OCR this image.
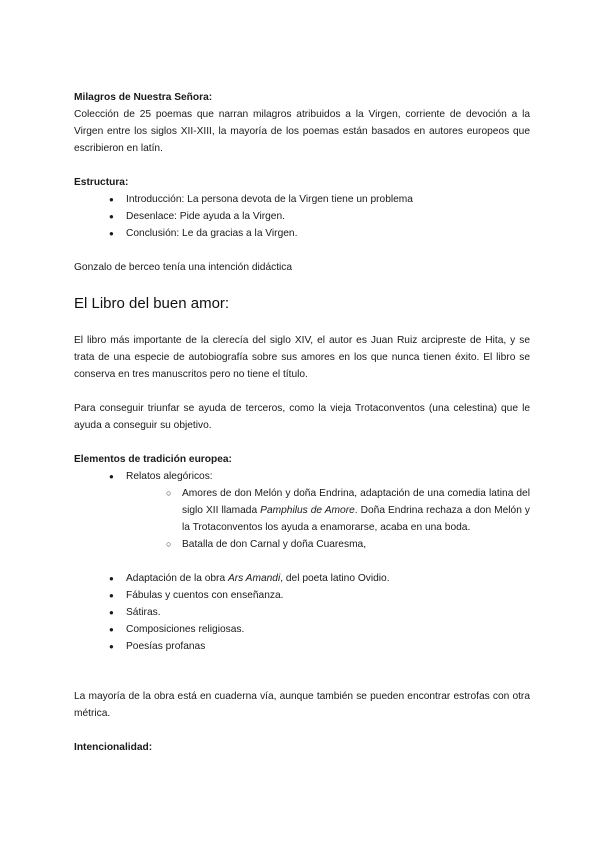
Milagros de Nuestra Señora:

Colección de 25 poemas que narran milagros atribuidos a la Virgen, corriente de devoción a la Virgen entre los siglos XII-XIII, la mayoría de los poemas están basados en autores europeos que escribieron en latín.

Estructura:

● Introducción: La persona devota de la Virgen tiene un problema
● Desenlace: Pide ayuda a la Virgen.
● Conclusión: Le da gracias a la Virgen.

Gonzalo de berceo tenía una intención didáctica

El Libro del buen amor:

El libro más importante de la clerecía del siglo XIV, el autor es Juan Ruiz arcipreste de Hita, y se trata de una especie de autobiografía sobre sus amores en los que nunca tienen éxito. El libro se conserva en tres manuscritos pero no tiene el título.

Para conseguir triunfar se ayuda de terceros, como la vieja Trotaconventos (una celestina) que le ayuda a conseguir su objetivo.

Elementos de tradición europea:

● Relatos alegóricos:
○ Amores de don Melón y doña Endrina, adaptación de una comedia latina del siglo XII llamada Pamphilus de Amore. Doña Endrina rechaza a don Melón y la Trotaconventos los ayuda a enamorarse, acaba en una boda.
○ Batalla de don Carnal y doña Cuaresma,
● Adaptación de la obra Ars Amandi, del poeta latino Ovidio.
● Fábulas y cuentos con enseñanza.
● Sátiras.
● Composiciones religiosas.
● Poesías profanas

La mayoría de la obra está en cuaderna vía, aunque también se pueden encontrar estrofas con otra métrica.

Intencionalidad:
